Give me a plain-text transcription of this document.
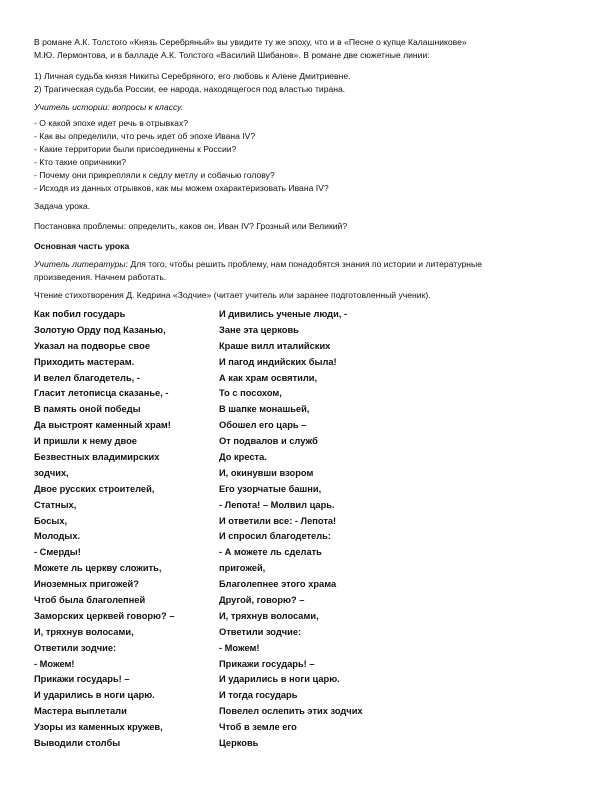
В романе А.К. Толстого «Князь Серебряный» вы увидите ту же эпоху, что и в «Песне о купце Калашникове»

М.Ю. Лермонтова, и в балладе А.К. Толстого «Василий Шибанов». В романе две сюжетные линии:

1) Личная судьба князя Никиты Серебряного, его любовь к Алене Дмитриевне.

2) Трагическая судьба России, ее народа, находящегося под властью тирана.

Учитель истории: вопросы к классу.

- О какой эпохе идет речь в отрывках?

- Как вы определили, что речь идет об эпохе Ивана IV?

- Какие территории были присоединены к России?

- Кто такие опричники?

- Почему они прикрепляли к седлу метлу и собачью голову?

- Исходя из данных отрывков, как мы можем охарактеризовать Ивана IV?

Задача урока.
Постановка проблемы: определить, каков он, Иван IV? Грозный или Великий?
Основная часть урока

Учитель литературы: Для того, чтобы решить проблему, нам понадобятся знания по истории и литературные

произведения. Начнем работать.

Чтение стихотворения Д. Кедрина «Зодчие» (читает учитель или заранее подготовленный ученик).
Как побил государь
Золотую Орду под Казанью,
Указал на подворье свое
Приходить мастерам.
И велел благодетель, -
Гласит летописца сказанье, -
В память оной победы
Да выстроят каменный храм!
И пришли к нему двое
Безвестных владимирских
зодчих,
Двое русских строителей,
Статных,
Босых,
Молодых.
- Смерды!
Можете ль церкву сложить,
Иноземных пригожей?
Чтоб была благолепней
Заморских церквей говорю? –
И, тряхнув волосами,
Ответили зодчие:
- Можем!
Прикажи государь! –
И ударились в ноги царю.
Мастера выплетали
Узоры из каменных кружев,
Выводили столбы
И дивились ученые люди, -
Зане эта церковь
Краше вилл италийских
И пагод индийских была!
А как храм освятили,
То с посохом,
В шапке монашьей,
Обошел его царь –
От подвалов и служб
До креста.
И, окинувши взором
Его узорчатые башни,
- Лепота! – Молвил царь.
И ответили все: - Лепота!
И спросил благодетель:
- А можете ль сделать
пригожей,
Благолепнее этого храма
Другой, говорю? –
И, тряхнув волосами,
Ответили зодчие:
- Можем!
Прикажи государь! –
И ударились в ноги царю.
И тогда государь
Повелел ослепить этих зодчих
Чтоб в земле его
Церковь
